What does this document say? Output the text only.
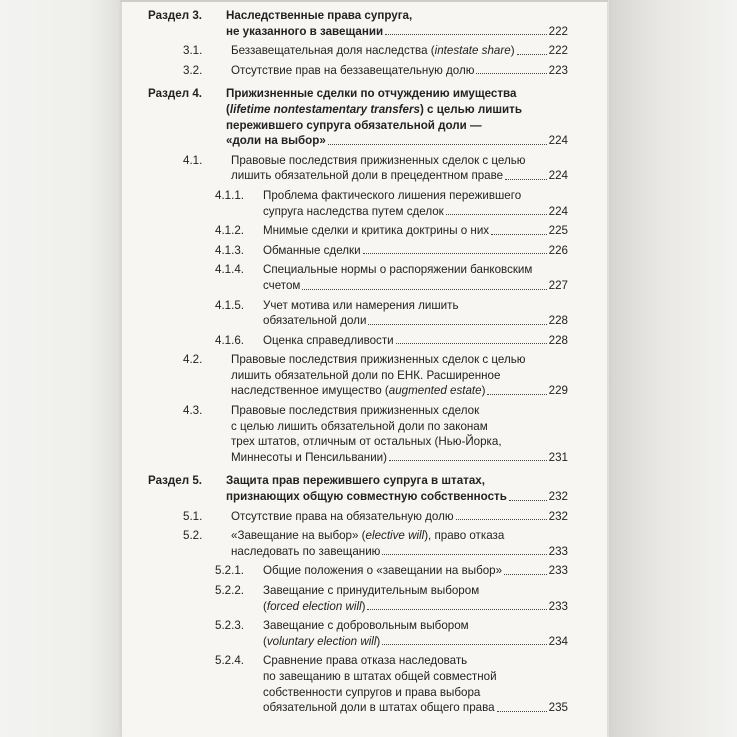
Раздел 3.	Наследственные права супруга,
не указанного в завещании	222
3.1.	Беззавещательная доля наследства (intestate share)	222
3.2.	Отсутствие прав на беззавещательную долю	223
Раздел 4.	Прижизненные сделки по отчуждению имущества
(lifetime nontestamentary transfers) с целью лишить
пережившего супруга обязательной доли —
«доли на выбор»	224
4.1.	Правовые последствия прижизненных сделок с целью
лишить обязательной доли в прецедентном праве	224
4.1.1.	Проблема фактического лишения пережившего
супруга наследства путем сделок	224
4.1.2.	Мнимые сделки и критика доктрины о них	225
4.1.3.	Обманные сделки	226
4.1.4.	Специальные нормы о распоряжении банковским
счетом	227
4.1.5.	Учет мотива или намерения лишить
обязательной доли	228
4.1.6.	Оценка справедливости	228
4.2.	Правовые последствия прижизненных сделок с целью
лишить обязательной доли по ЕНК. Расширенное
наследственное имущество (augmented estate)	229
4.3.	Правовые последствия прижизненных сделок
с целью лишить обязательной доли по законам
трех штатов, отличным от остальных (Нью-Йорка,
Миннесоты и Пенсильвании)	231
Раздел 5.	Защита прав пережившего супруга в штатах,
признающих общую совместную собственность	232
5.1.	Отсутствие права на обязательную долю	232
5.2.	«Завещание на выбор» (elective will), право отказа
наследовать по завещанию	233
5.2.1.	Общие положения о «завещании на выбор»	233
5.2.2.	Завещание с принудительным выбором
(forced election will)	233
5.2.3.	Завещание с добровольным выбором
(voluntary election will)	234
5.2.4.	Сравнение права отказа наследовать
по завещанию в штатах общей совместной
собственности супругов и права выбора
обязательной доли в штатах общего права	235
